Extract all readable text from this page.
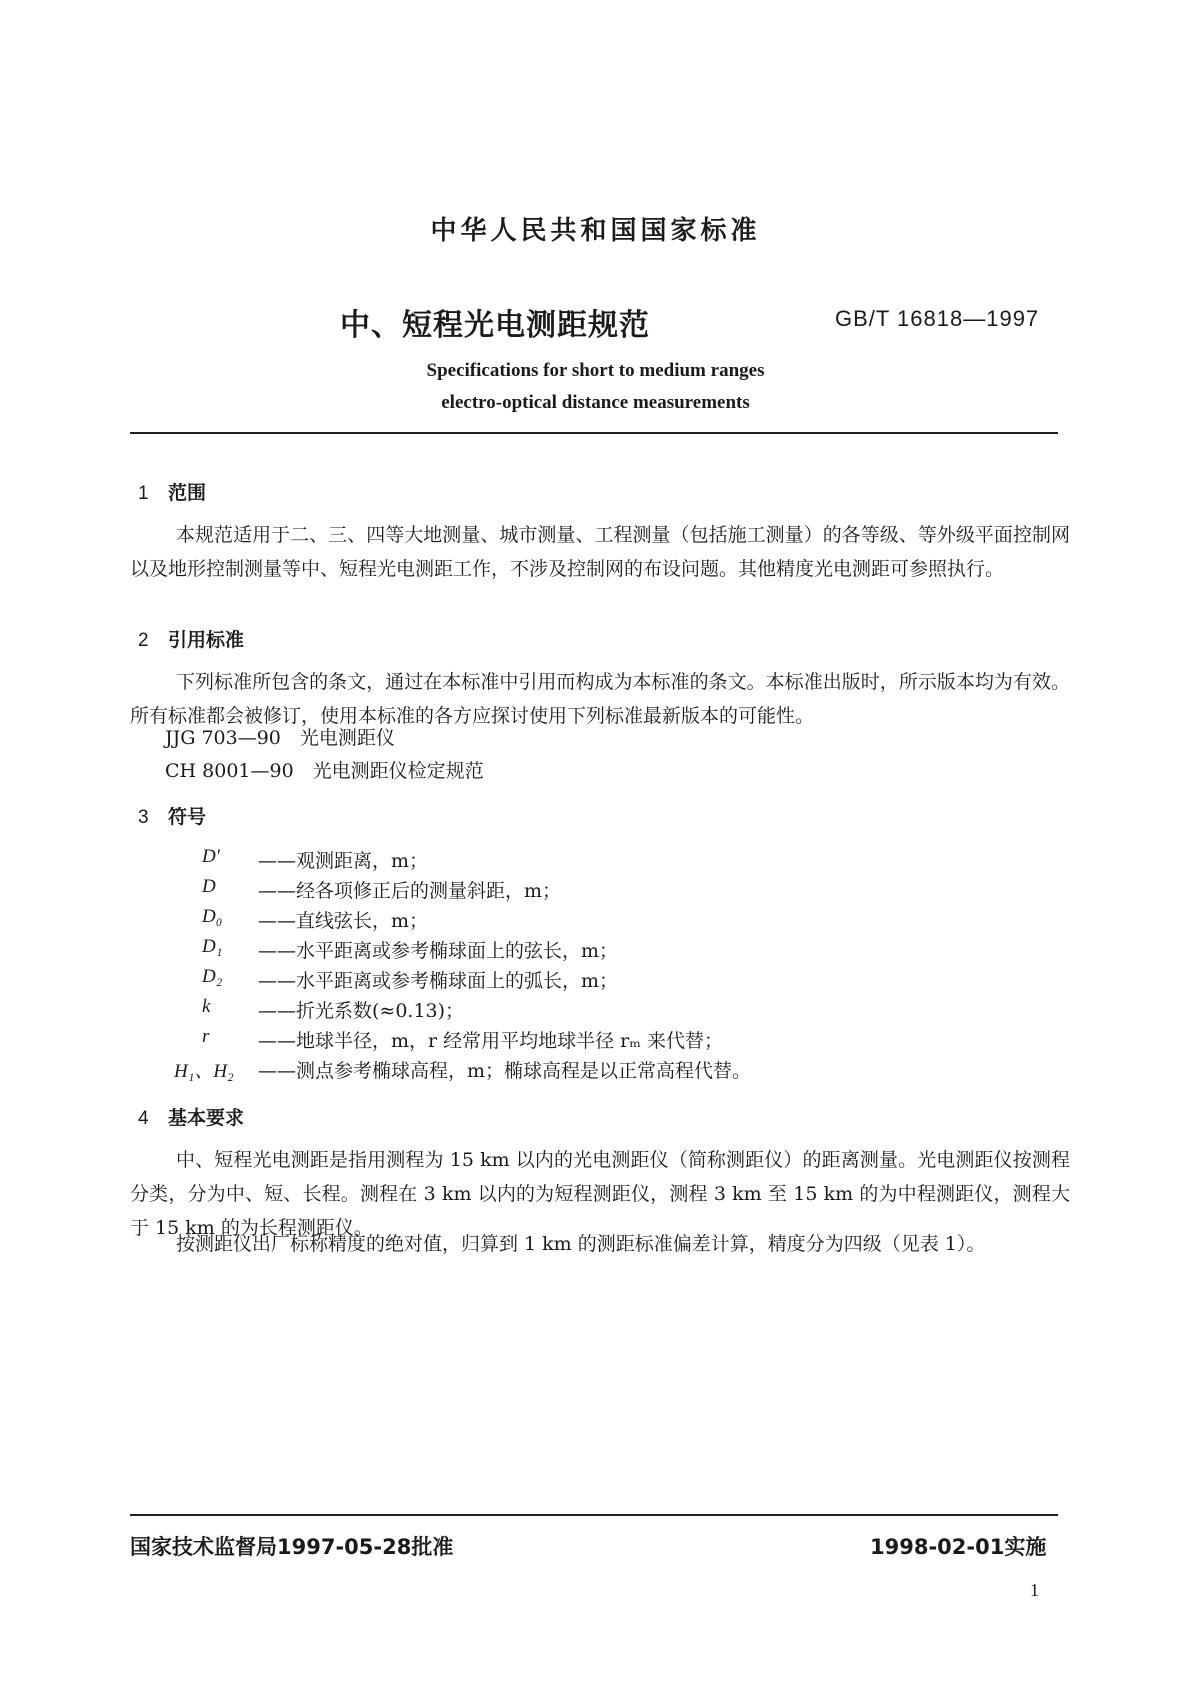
中华人民共和国国家标准
中、短程光电测距规范	GB/T 16818—1997
Specifications for short to medium ranges
electro-optical distance measurements
1 范围
本规范适用于二、三、四等大地测量、城市测量、工程测量（包括施工测量）的各等级、等外级平面控制网以及地形控制测量等中、短程光电测距工作，不涉及控制网的布设问题。其他精度光电测距可参照执行。
2 引用标准
下列标准所包含的条文，通过在本标准中引用而构成为本标准的条文。本标准出版时，所示版本均为有效。所有标准都会被修订，使用本标准的各方应探讨使用下列标准最新版本的可能性。
JJG 703—90　光电测距仪
CH 8001—90　光电测距仪检定规范
3 符号
D′ ——观测距离，m；
D ——经各项修正后的测量斜距，m；
D₀ ——直线弦长，m；
D₁ ——水平距离或参考椭球面上的弦长，m；
D₂ ——水平距离或参考椭球面上的弧长，m；
k	——折光系数(≈0.13)；
r	——地球半径，m，r 经常用平均地球半径 rₘ 来代替；
H₁、H₂ ——测点参考椭球高程，m；椭球高程是以正常高程代替。
4 基本要求
中、短程光电测距是指用测程为 15 km 以内的光电测距仪（简称测距仪）的距离测量。光电测距仪按测程分类，分为中、短、长程。测程在 3 km 以内的为短程测距仪，测程 3 km 至 15 km 的为中程测距仪，测程大于 15 km 的为长程测距仪。
按测距仪出厂标称精度的绝对值，归算到 1 km 的测距标准偏差计算，精度分为四级（见表 1）。
国家技术监督局1997-05-28批准	1998-02-01实施
1
